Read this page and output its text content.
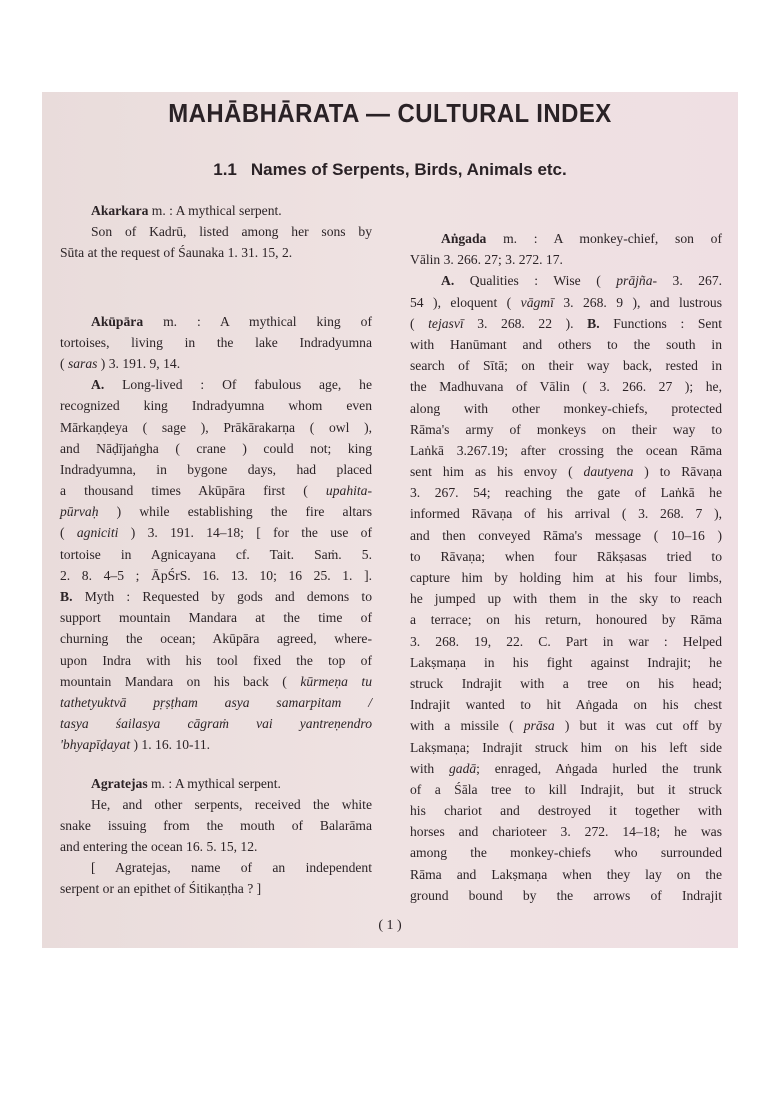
MAHĀBHĀRATA — CULTURAL INDEX
1.1 Names of Serpents, Birds, Animals etc.
Akarkara m. : A mythical serpent.
Son of Kadrū, listed among her sons by
Sūta at the request of Śaunaka 1. 31. 15, 2.
Akūpāra m. : A mythical king of
tortoises, living in the lake Indradyumna
( saras ) 3. 191. 9, 14.
A. Long-lived : Of fabulous age, he
recognized king Indradyumna whom even
Mārkaṇḍeya ( sage ), Prākārakarṇa ( owl ),
and Nāḍījaṅgha ( crane ) could not; king
Indradyumna, in bygone days, had placed
a thousand times Akūpāra first ( upahita-
pūrvaḥ ) while establishing the fire altars
( agniciti ) 3. 191. 14–18; [ for the use of
tortoise in Agnicayana cf. Tait. Saṁ. 5.
2. 8. 4–5 ; ĀpŚrS. 16. 13. 10; 16 25. 1. ].
B. Myth : Requested by gods and demons to
support mountain Mandara at the time of
churning the ocean; Akūpāra agreed, where-
upon Indra with his tool fixed the top of
mountain Mandara on his back ( kūrmeṇa tu
tathetyuktvā pṛṣṭham asya samarpitam /
tasya śailasya cāgraṁ vai yantreṇendro
'bhyapīḍayat ) 1. 16. 10-11.
Agratejas m. : A mythical serpent.
He, and other serpents, received the white
snake issuing from the mouth of Balarāma
and entering the ocean 16. 5. 15, 12.
[ Agratejas, name of an independent
serpent or an epithet of Śitikaṇṭha ? ]
Aṅgada m. : A monkey-chief, son of
Vālin 3. 266. 27; 3. 272. 17.
A. Qualities : Wise ( prājña- 3. 267.
54 ), eloquent ( vāgmī 3. 268. 9 ), and lustrous
( tejasvī 3. 268. 22 ). B. Functions : Sent
with Hanūmant and others to the south in
search of Sītā; on their way back, rested in
the Madhuvana of Vālin ( 3. 266. 27 ); he,
along with other monkey-chiefs, protected
Rāma's army of monkeys on their way to
Laṅkā 3.267.19; after crossing the ocean Rāma
sent him as his envoy ( dautyena ) to Rāvaṇa
3. 267. 54; reaching the gate of Laṅkā he
informed Rāvaṇa of his arrival ( 3. 268. 7 ),
and then conveyed Rāma's message ( 10–16 )
to Rāvaṇa; when four Rākṣasas tried to
capture him by holding him at his four limbs,
he jumped up with them in the sky to reach
a terrace; on his return, honoured by Rāma
3. 268. 19, 22. C. Part in war : Helped
Lakṣmaṇa in his fight against Indrajit; he
struck Indrajit with a tree on his head;
Indrajit wanted to hit Aṅgada on his chest
with a missile ( prāsa ) but it was cut off by
Lakṣmaṇa; Indrajit struck him on his left side
with gadā; enraged, Aṅgada hurled the trunk
of a Śāla tree to kill Indrajit, but it struck
his chariot and destroyed it together with
horses and charioteer 3. 272. 14–18; he was
among the monkey-chiefs who surrounded
Rāma and Lakṣmaṇa when they lay on the
ground bound by the arrows of Indrajit
( 1 )
